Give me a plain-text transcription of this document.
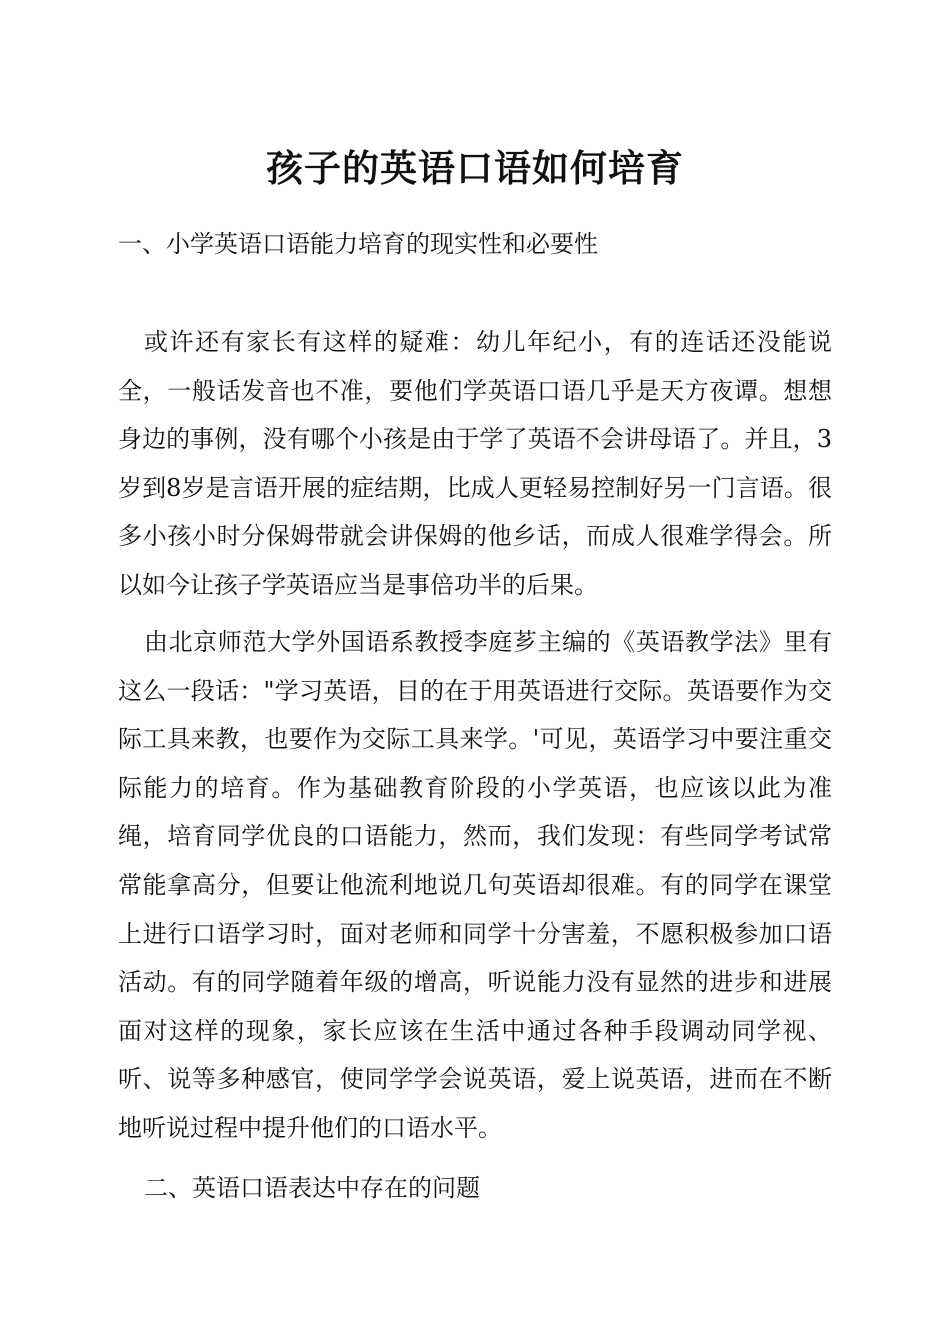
孩子的英语口语如何培育

一、小学英语口语能力培育的现实性和必要性

或许还有家长有这样的疑难：幼儿年纪小，有的连话还没能说全，一般话发音也不准，要他们学英语口语几乎是天方夜谭。想想身边的事例，没有哪个小孩是由于学了英语不会讲母语了。并且，3岁到8岁是言语开展的症结期，比成人更轻易控制好另一门言语。很多小孩小时分保姆带就会讲保姆的他乡话，而成人很难学得会。所以如今让孩子学英语应当是事倍功半的后果。

由北京师范大学外国语系教授李庭芗主编的《英语教学法》里有这么一段话："学习英语，目的在于用英语进行交际。英语要作为交际工具来教，也要作为交际工具来学。'可见，英语学习中要注重交际能力的培育。作为基础教育阶段的小学英语，也应该以此为准绳，培育同学优良的口语能力，然而，我们发现：有些同学考试常常能拿高分，但要让他流利地说几句英语却很难。有的同学在课堂上进行口语学习时，面对老师和同学十分害羞，不愿积极参加口语活动。有的同学随着年级的增高，听说能力没有显然的进步和进展面对这样的现象，家长应该在生活中通过各种手段调动同学视、听、说等多种感官，使同学学会说英语，爱上说英语，进而在不断地听说过程中提升他们的口语水平。

二、英语口语表达中存在的问题
